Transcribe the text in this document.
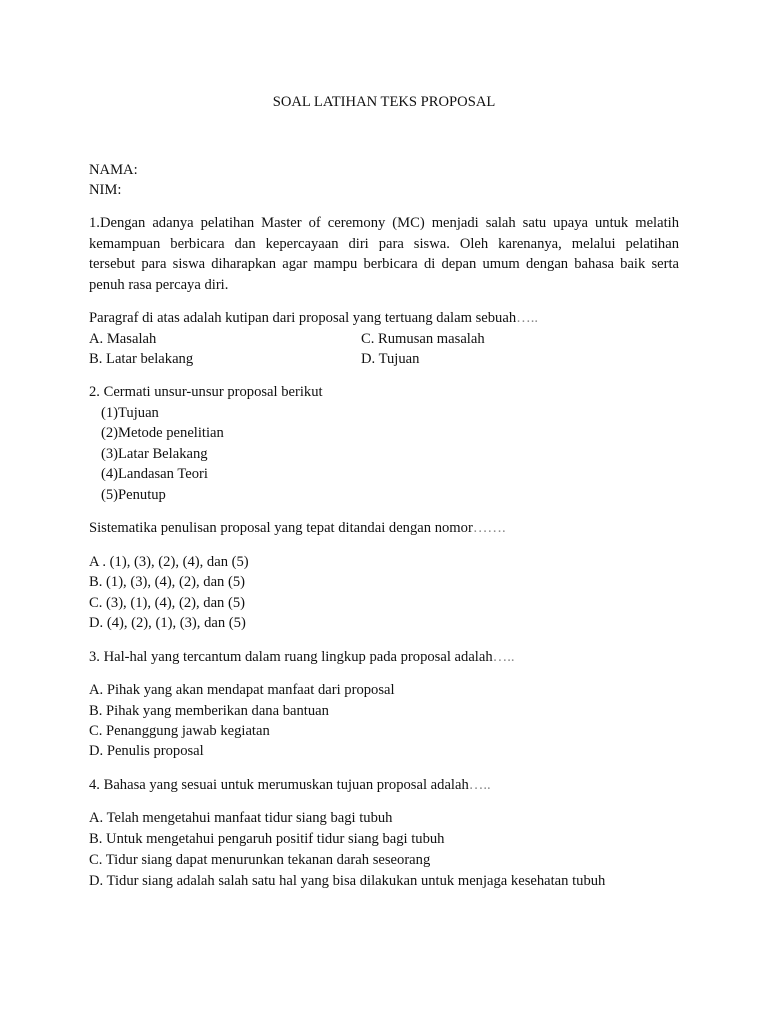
SOAL LATIHAN TEKS PROPOSAL
NAMA:
NIM:
1.Dengan adanya pelatihan Master of ceremony (MC) menjadi salah satu upaya untuk melatih
kemampuan berbicara dan kepercayaan diri para siswa. Oleh karenanya, melalui pelatihan
tersebut para siswa diharapkan agar mampu berbicara di depan umum dengan bahasa baik serta
penuh rasa percaya diri.
Paragraf di atas adalah kutipan dari proposal yang tertuang dalam sebuah…..
A. Masalah	C. Rumusan masalah
B. Latar belakang	D. Tujuan
2. Cermati unsur-unsur proposal berikut
(1)Tujuan
(2)Metode penelitian
(3)Latar Belakang
(4)Landasan Teori
(5)Penutup
Sistematika penulisan proposal yang tepat ditandai dengan nomor…….
A . (1), (3), (2), (4), dan (5)
B. (1), (3), (4), (2), dan (5)
C. (3), (1), (4), (2), dan (5)
D. (4), (2), (1), (3), dan (5)
3. Hal-hal yang tercantum dalam ruang lingkup pada proposal adalah…..
A. Pihak yang akan mendapat manfaat dari proposal
B. Pihak yang memberikan dana bantuan
C. Penanggung jawab kegiatan
D. Penulis proposal
4. Bahasa yang sesuai untuk merumuskan tujuan proposal adalah…..
A. Telah mengetahui manfaat tidur siang bagi tubuh
B. Untuk mengetahui pengaruh positif tidur siang bagi tubuh
C. Tidur siang dapat menurunkan tekanan darah seseorang
D. Tidur siang adalah salah satu hal yang bisa dilakukan untuk menjaga kesehatan tubuh
